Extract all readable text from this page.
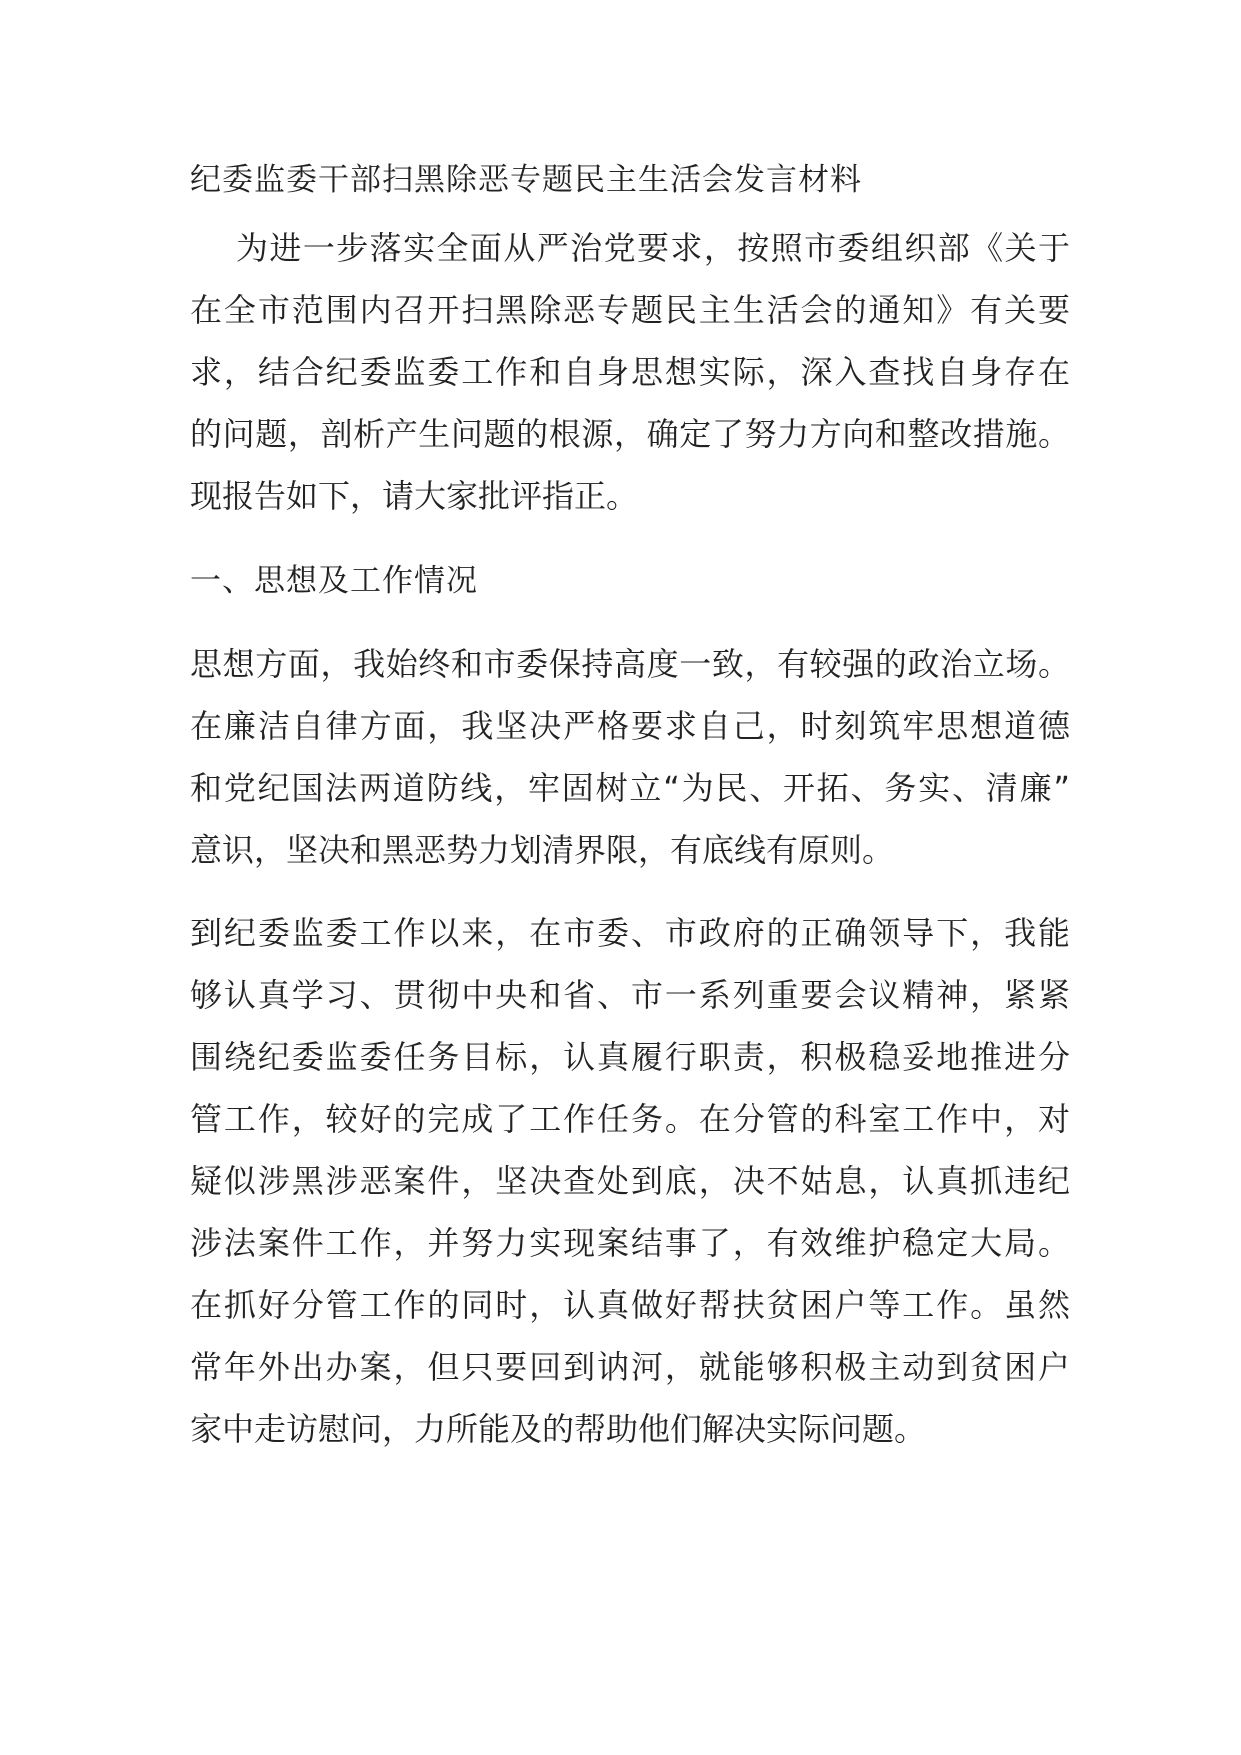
纪委监委干部扫黑除恶专题民主生活会发言材料
为进一步落实全面从严治党要求，按照市委组织部《关于
在全市范围内召开扫黑除恶专题民主生活会的通知》有关要
求，结合纪委监委工作和自身思想实际，深入查找自身存在
的问题，剖析产生问题的根源，确定了努力方向和整改措施。
现报告如下，请大家批评指正。
一、思想及工作情况
思想方面，我始终和市委保持高度一致，有较强的政治立场。
在廉洁自律方面，我坚决严格要求自己，时刻筑牢思想道德
和党纪国法两道防线，牢固树立“为民、开拓、务实、清廉”
意识，坚决和黑恶势力划清界限，有底线有原则。
到纪委监委工作以来，在市委、市政府的正确领导下，我能
够认真学习、贯彻中央和省、市一系列重要会议精神，紧紧
围绕纪委监委任务目标，认真履行职责，积极稳妥地推进分
管工作，较好的完成了工作任务。在分管的科室工作中，对
疑似涉黑涉恶案件，坚决查处到底，决不姑息，认真抓违纪
涉法案件工作，并努力实现案结事了，有效维护稳定大局。
在抓好分管工作的同时，认真做好帮扶贫困户等工作。虽然
常年外出办案，但只要回到讷河，就能够积极主动到贫困户
家中走访慰问，力所能及的帮助他们解决实际问题。
